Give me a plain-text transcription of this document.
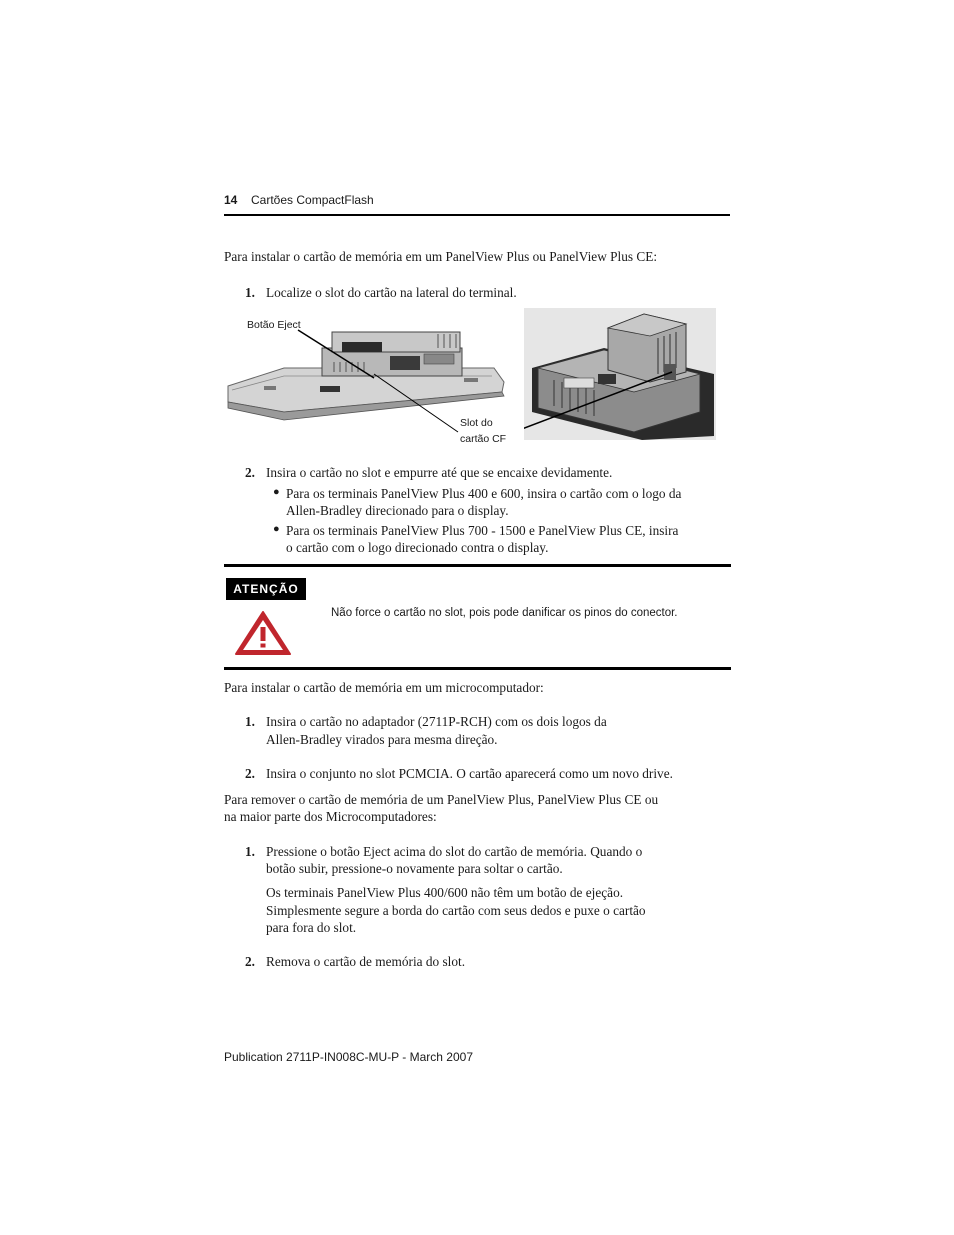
14 Cartões CompactFlash
Para instalar o cartão de memória em um PanelView Plus ou PanelView Plus CE:
1. Localize o slot do cartão na lateral do terminal.
Botão Eject
Slot do
cartão CF
2. Insira o cartão no slot e empurre até que se encaixe devidamente.
● Para os terminais PanelView Plus 400 e 600, insira o cartão com o logo da
Allen-Bradley direcionado para o display.
● Para os terminais PanelView Plus 700 - 1500 e PanelView Plus CE, insira
o cartão com o logo direcionado contra o display.
ATENÇÃO
Não force o cartão no slot, pois pode danificar os pinos do conector.
Para instalar o cartão de memória em um microcomputador:
1. Insira o cartão no adaptador (2711P-RCH) com os dois logos da
Allen-Bradley virados para mesma direção.
2. Insira o conjunto no slot PCMCIA. O cartão aparecerá como um novo drive.
Para remover o cartão de memória de um PanelView Plus, PanelView Plus CE ou
na maior parte dos Microcomputadores:
1. Pressione o botão Eject acima do slot do cartão de memória. Quando o
botão subir, pressione-o novamente para soltar o cartão.
Os terminais PanelView Plus 400/600 não têm um botão de ejeção.
Simplesmente segure a borda do cartão com seus dedos e puxe o cartão
para fora do slot.
2. Remova o cartão de memória do slot.
Publication 2711P-IN008C-MU-P - March 2007
